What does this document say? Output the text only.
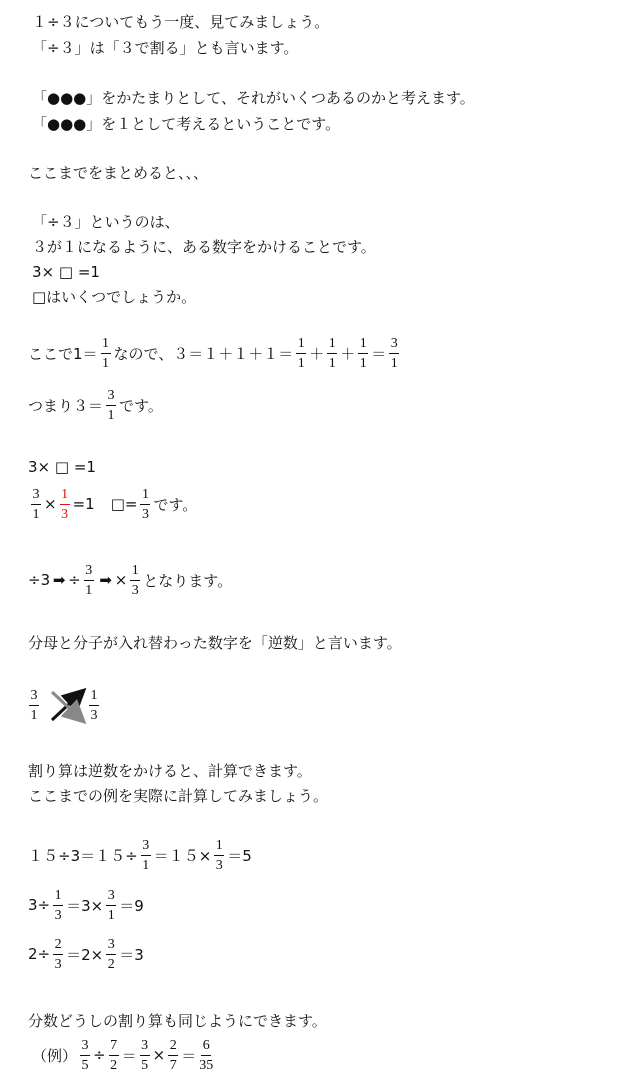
１÷３についてもう一度、見てみましょう。
「÷３」は「３で割る」とも言います。
「●●●」をかたまりとして、それがいくつあるのかと考えます。
「●●●」を１として考えるということです。
ここまでをまとめると、、、
「÷３」というのは、
３が１になるように、ある数字をかけることです。
3× □ =1
□はいくつでしょうか。
ここで1＝
1
1
なので、３＝１＋１＋１＝
1
1
＋
1
1
＋
1
1
＝
3
1
つまり３＝
3
1
です。
3× □ =1
$\frac{3}{1} \times \frac{1}{3} =1$ □= $\frac{1}{3}$ です。
÷3 ➡ ÷ $\frac{3}{1}$ ➡ × $\frac{1}{3}$ となります。
分母と分子が入れ替わった数字を「逆数」と言います。
3
1
1
3
割り算は逆数をかけると、計算できます。
ここまでの例を実際に計算してみましょう。
$15\div 3=15\div \frac{3}{1} =15\times \frac{1}{3} =5$
$3\div \frac{1}{3} =3\times \frac{3}{1} =9$
$2\div \frac{2}{3} =2\times \frac{3}{2} =3$
分数どうしの割り算も同じようにできます。
（例） $\frac{3}{5} \div \frac{7}{2} = \frac{3}{5} \times \frac{2}{7}$ ＝
6
35
